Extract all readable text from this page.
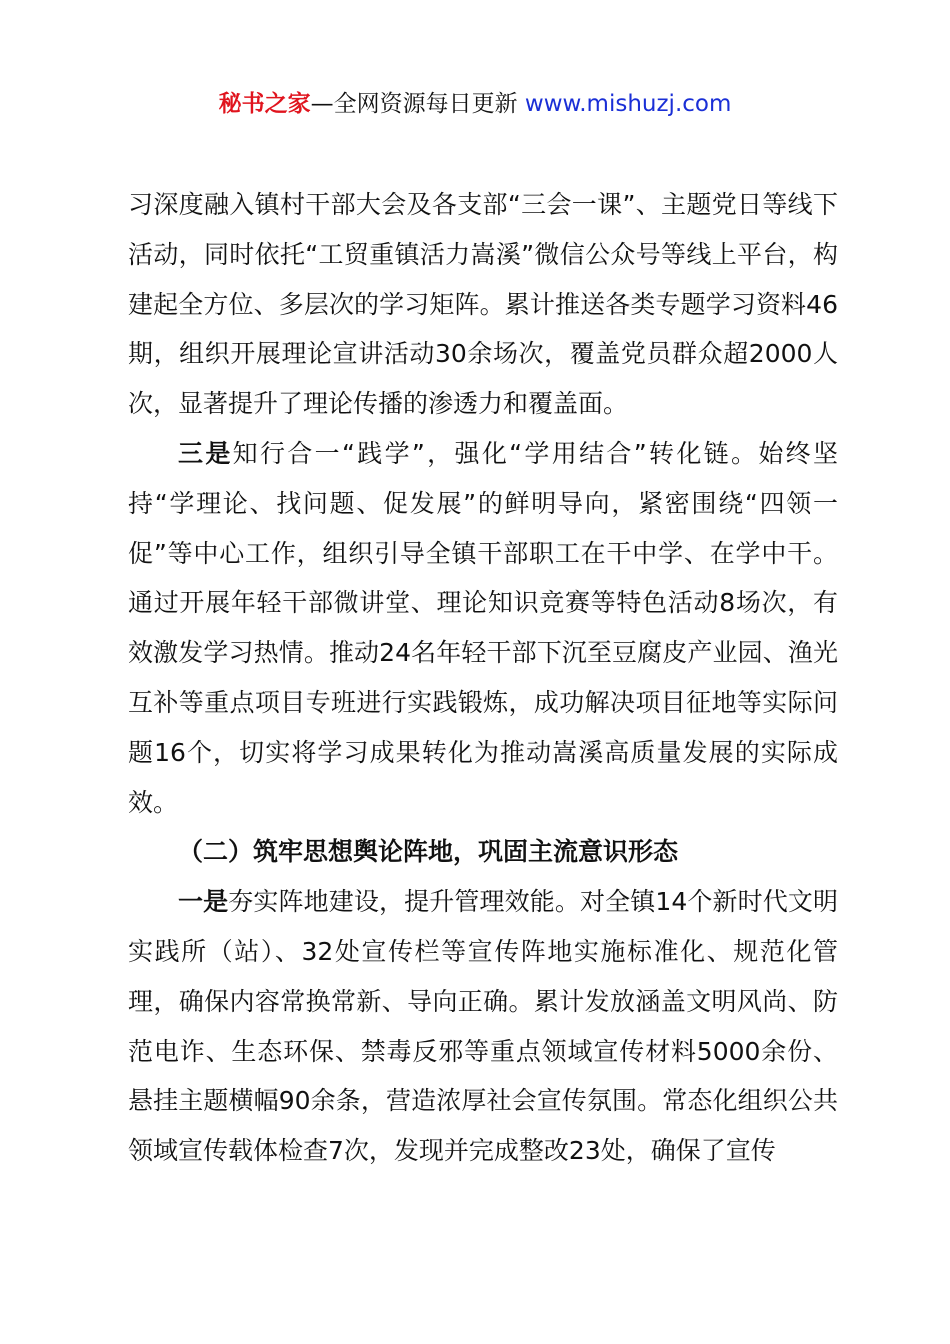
秘书之家—全网资源每日更新 www.mishuzj.com

习深度融入镇村干部大会及各支部“三会一课”、主题党日等线下活动，同时依托“工贸重镇活力嵩溪”微信公众号等线上平台，构建起全方位、多层次的学习矩阵。累计推送各类专题学习资料46期，组织开展理论宣讲活动30余场次，覆盖党员群众超2000人次，显著提升了理论传播的渗透力和覆盖面。

三是知行合一“践学”，强化“学用结合”转化链。始终坚持“学理论、找问题、促发展”的鲜明导向，紧密围绕“四领一促”等中心工作，组织引导全镇干部职工在干中学、在学中干。通过开展年轻干部微讲堂、理论知识竞赛等特色活动8场次，有效激发学习热情。推动24名年轻干部下沉至豆腐皮产业园、渔光互补等重点项目专班进行实践锻炼，成功解决项目征地等实际问题16个，切实将学习成果转化为推动嵩溪高质量发展的实际成效。

（二）筑牢思想舆论阵地，巩固主流意识形态

一是夯实阵地建设，提升管理效能。对全镇14个新时代文明实践所（站）、32处宣传栏等宣传阵地实施标准化、规范化管理，确保内容常换常新、导向正确。累计发放涵盖文明风尚、防范电诈、生态环保、禁毒反邪等重点领域宣传材料5000余份、悬挂主题横幅90余条，营造浓厚社会宣传氛围。常态化组织公共领域宣传载体检查7次，发现并完成整改23处，确保了宣传
